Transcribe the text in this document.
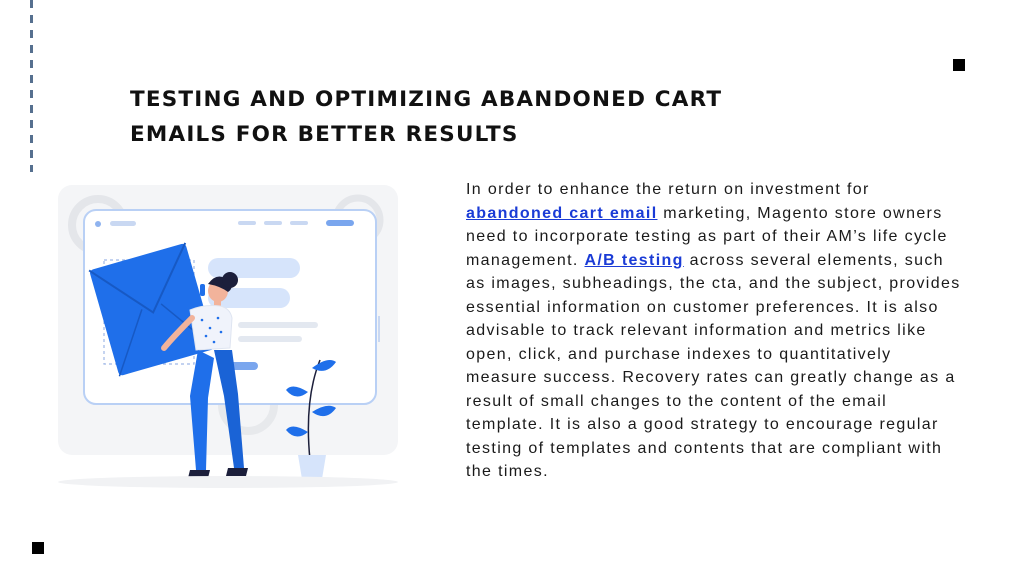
TESTING AND OPTIMIZING ABANDONED CART
EMAILS FOR BETTER RESULTS

In order to enhance the return on investment for abandoned cart email marketing, Magento store owners need to incorporate testing as part of their AM’s life cycle management. A/B testing across several elements, such as images, subheadings, the cta, and the subject, provides essential information on customer preferences. It is also advisable to track relevant information and metrics like open, click, and purchase indexes to quantitatively measure success. Recovery rates can greatly change as a result of small changes to the content of the email template. It is also a good strategy to encourage regular testing of templates and contents that are compliant with the times.
